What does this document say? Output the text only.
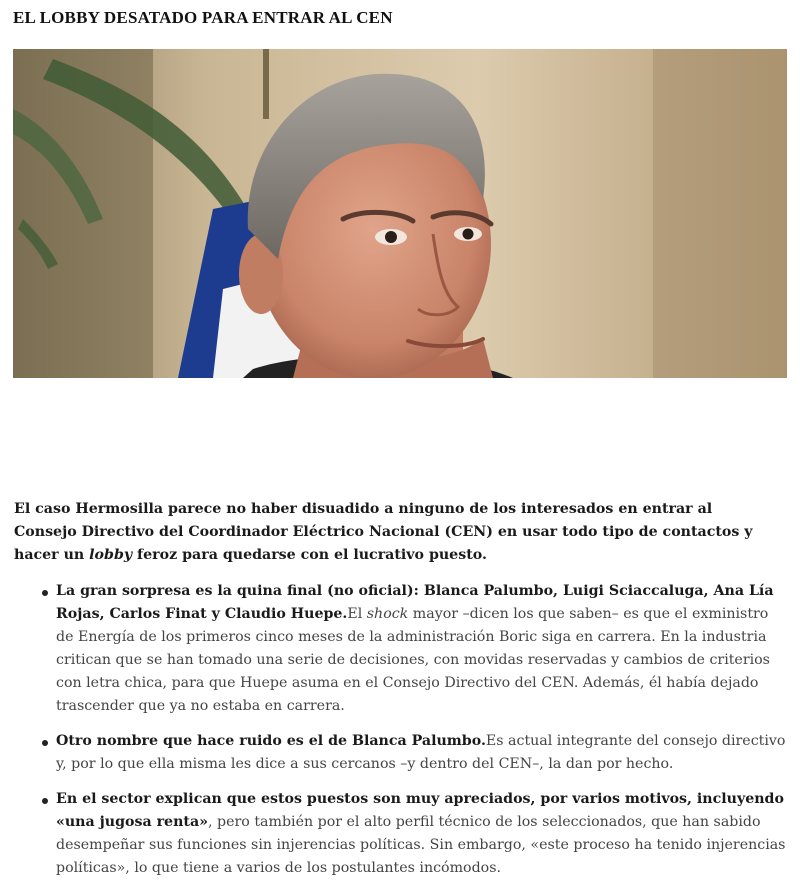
EL LOBBY DESATADO PARA ENTRAR AL CEN

El caso Hermosilla parece no haber disuadido a ninguno de los interesados en entrar al Consejo Directivo del Coordinador Eléctrico Nacional (CEN) en usar todo tipo de contactos y hacer un lobby feroz para quedarse con el lucrativo puesto.

La gran sorpresa es la quina final (no oficial): Blanca Palumbo, Luigi Sciaccaluga, Ana Lía Rojas, Carlos Finat y Claudio Huepe.El shock mayor –dicen los que saben– es que el exministro de Energía de los primeros cinco meses de la administración Boric siga en carrera. En la industria critican que se han tomado una serie de decisiones, con movidas reservadas y cambios de criterios con letra chica, para que Huepe asuma en el Consejo Directivo del CEN. Además, él había dejado trascender que ya no estaba en carrera.
Otro nombre que hace ruido es el de Blanca Palumbo.Es actual integrante del consejo directivo y, por lo que ella misma les dice a sus cercanos –y dentro del CEN–, la dan por hecho.
En el sector explican que estos puestos son muy apreciados, por varios motivos, incluyendo «una jugosa renta», pero también por el alto perfil técnico de los seleccionados, que han sabido desempeñar sus funciones sin injerencias políticas. Sin embargo, «este proceso ha tenido injerencias políticas», lo que tiene a varios de los postulantes incómodos.
